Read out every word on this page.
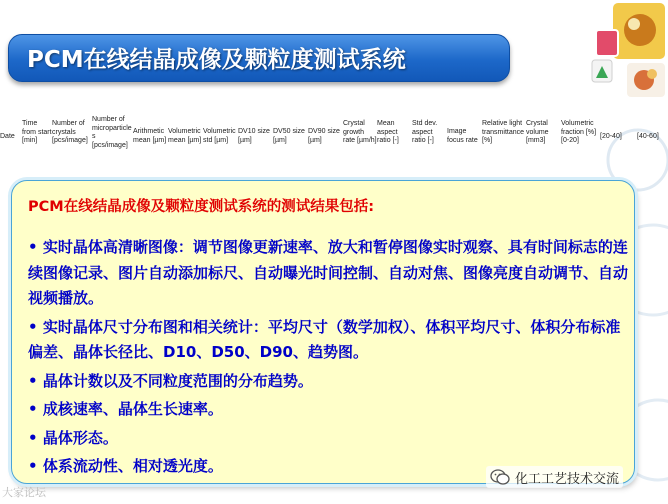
PCM在线结晶成像及颗粒度测试系统
Date
Time
from start
[min]
Number of
crystals
[pcs/image]
Number of
microparticle
s
[pcs/image]
Arithmetic
mean [µm]
Volumetric
mean [µm]
Volumetric
std [µm]
DV10 size
[µm]
DV50 size
[µm]
DV90 size
[µm]
Crystal
growth
rate [µm/h]
Mean
aspect
ratio [-]
Std dev.
aspect
ratio [-]
Image
focus rate
Relative light
transmittance
[%]
Crystal
volume
[mm3]
Volumetric
fraction [%]
[0-20]
[20-40] [40-60]
PCM在线结晶成像及颗粒度测试系统的测试结果包括:
• 实时晶体高清晰图像：调节图像更新速率、放大和暂停图像实时观察、具有时间标志的连续图像记录、图片自动添加标尺、自动曝光时间控制、自动对焦、图像亮度自动调节、自动视频播放。
• 实时晶体尺寸分布图和相关统计：平均尺寸（数学加权）、体积平均尺寸、体积分布标准偏差、晶体长径比、D10、D50、D90、趋势图。
• 晶体计数以及不同粒度范围的分布趋势。
• 成核速率、晶体生长速率。
• 晶体形态。
• 体系流动性、相对透光度。
大家论坛
化工工艺技术交流
